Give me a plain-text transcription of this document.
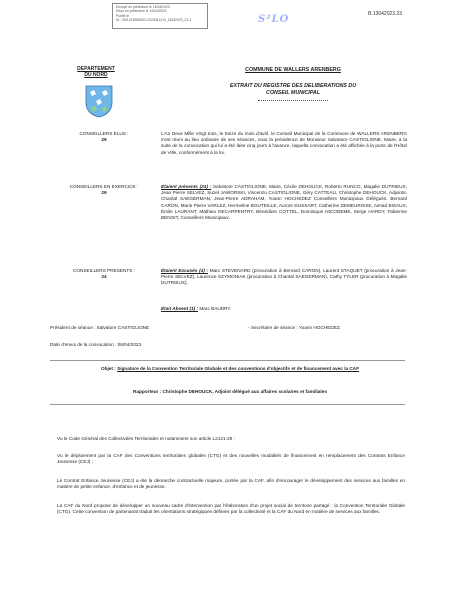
Envoyé en préfecture le 14/04/2023
Reçu en préfecture le 14/04/2023
Publié le
ID : 059-215906303-20230413-B_13042023_23-1	S²LO	B.13042023.23
DEPARTEMENT
DU NORD
COMMUNE DE WALLERS ARENBERG
EXTRAIT DU REGISTRE DES DELIBERATIONS DU
CONSEIL MUNICIPAL
CONSEILLERS ELUS :
29
L'An Deux Mille Vingt trois, le treize du mois d'avril, le Conseil Municipal de la Commune de WALLERS ARENBERG s'est réuni au lieu ordinaire de ses séances, sous la présidence de Monsieur Salvatore CASTIGLIONE, Maire, à la suite de la convocation qui lui a été faite cinq jours à l'avance, laquelle convocation a été affichée à la porte de l'Hôtel de Ville, conformément à la loi.
CONSEILLERS EN EXERCICE :
29
Étaient présents (24) : Salvatore CASTIGLIONE, Maire, Cécile DEHOUCK, Roberto RUNCO, Magalie DUTRIEUX, Jean Pierre SELVEZ, Suzel JAWORSKI, Vincenzo CASTIGLIONE, Géry CATTEAU, Christophe DEHOUCK, Adjoints. Chantal SAEGERMAN, Jean-Pierre ADRAHAM, Yoann HOCHEDEZ Conseillers Municipaux Délégués. Bernard CARON, Marie Pierre VARLEZ, Hermeline BOUTEILLE, Aurore DUSSART, Catherine DEMEURISSE, Aimad BISAUX, Émile LAURANT, Mathieu DECARPENTRY, Bénédicte COTTEL, Dominique NICODEME, Serge HARDY, Fabienne BENOIT, Conseillers Municipaux.
CONSEILLERS PRESENTS :
24
Étaient Excusés (4) : Marc STEVENARD (procuration à Bernard CARON), Laurent STAQUET (procuration à Jean-Pierre SELVEZ), Laurence SZYMONIAK (procuration à Chantal SAEGERMAN), Cathy TYLER (procuration à Magalie DUTRIEUX).
Était Absent (1) : Marc BAUDRY.
Président de séance : Salvatore CASTIGLIONE	- Secrétaire de séance : Yoann HOCHEDEZ.
Date d'envoi de la convocation : 06/04/2023.
Objet : Signature de la Convention Territoriale Globale et des conventions d'objectifs et de financement avec la CAF
Rapporteur : Christophe DEHOUCK, Adjoint délégué aux affaires scolaires et familiales
Vu le Code Général des Collectivités Territoriales et notamment son article L2121-29 ;
Vu le déploiement par la CAF des Conventions territoriales globales (CTG) et des nouvelles modalités de financement en remplacement des Contrats Enfance Jeunesse (CEJ) ;
Le Contrat Enfance Jeunesse (CEJ) a été la démarche contractuelle majeure, portée par la CAF, afin d'encourager le développement des services aux familles en matière de petite enfance, d'enfance et de jeunesse.
La CAF du Nord propose de développer un nouveau cadre d'intervention par l'élaboration d'un projet social de territoire partagé : la Convention Territoriale Globale (CTG). Cette convention de partenariat traduit les orientations stratégiques définies par la collectivité et la CAF du Nord en matière de services aux familles.
